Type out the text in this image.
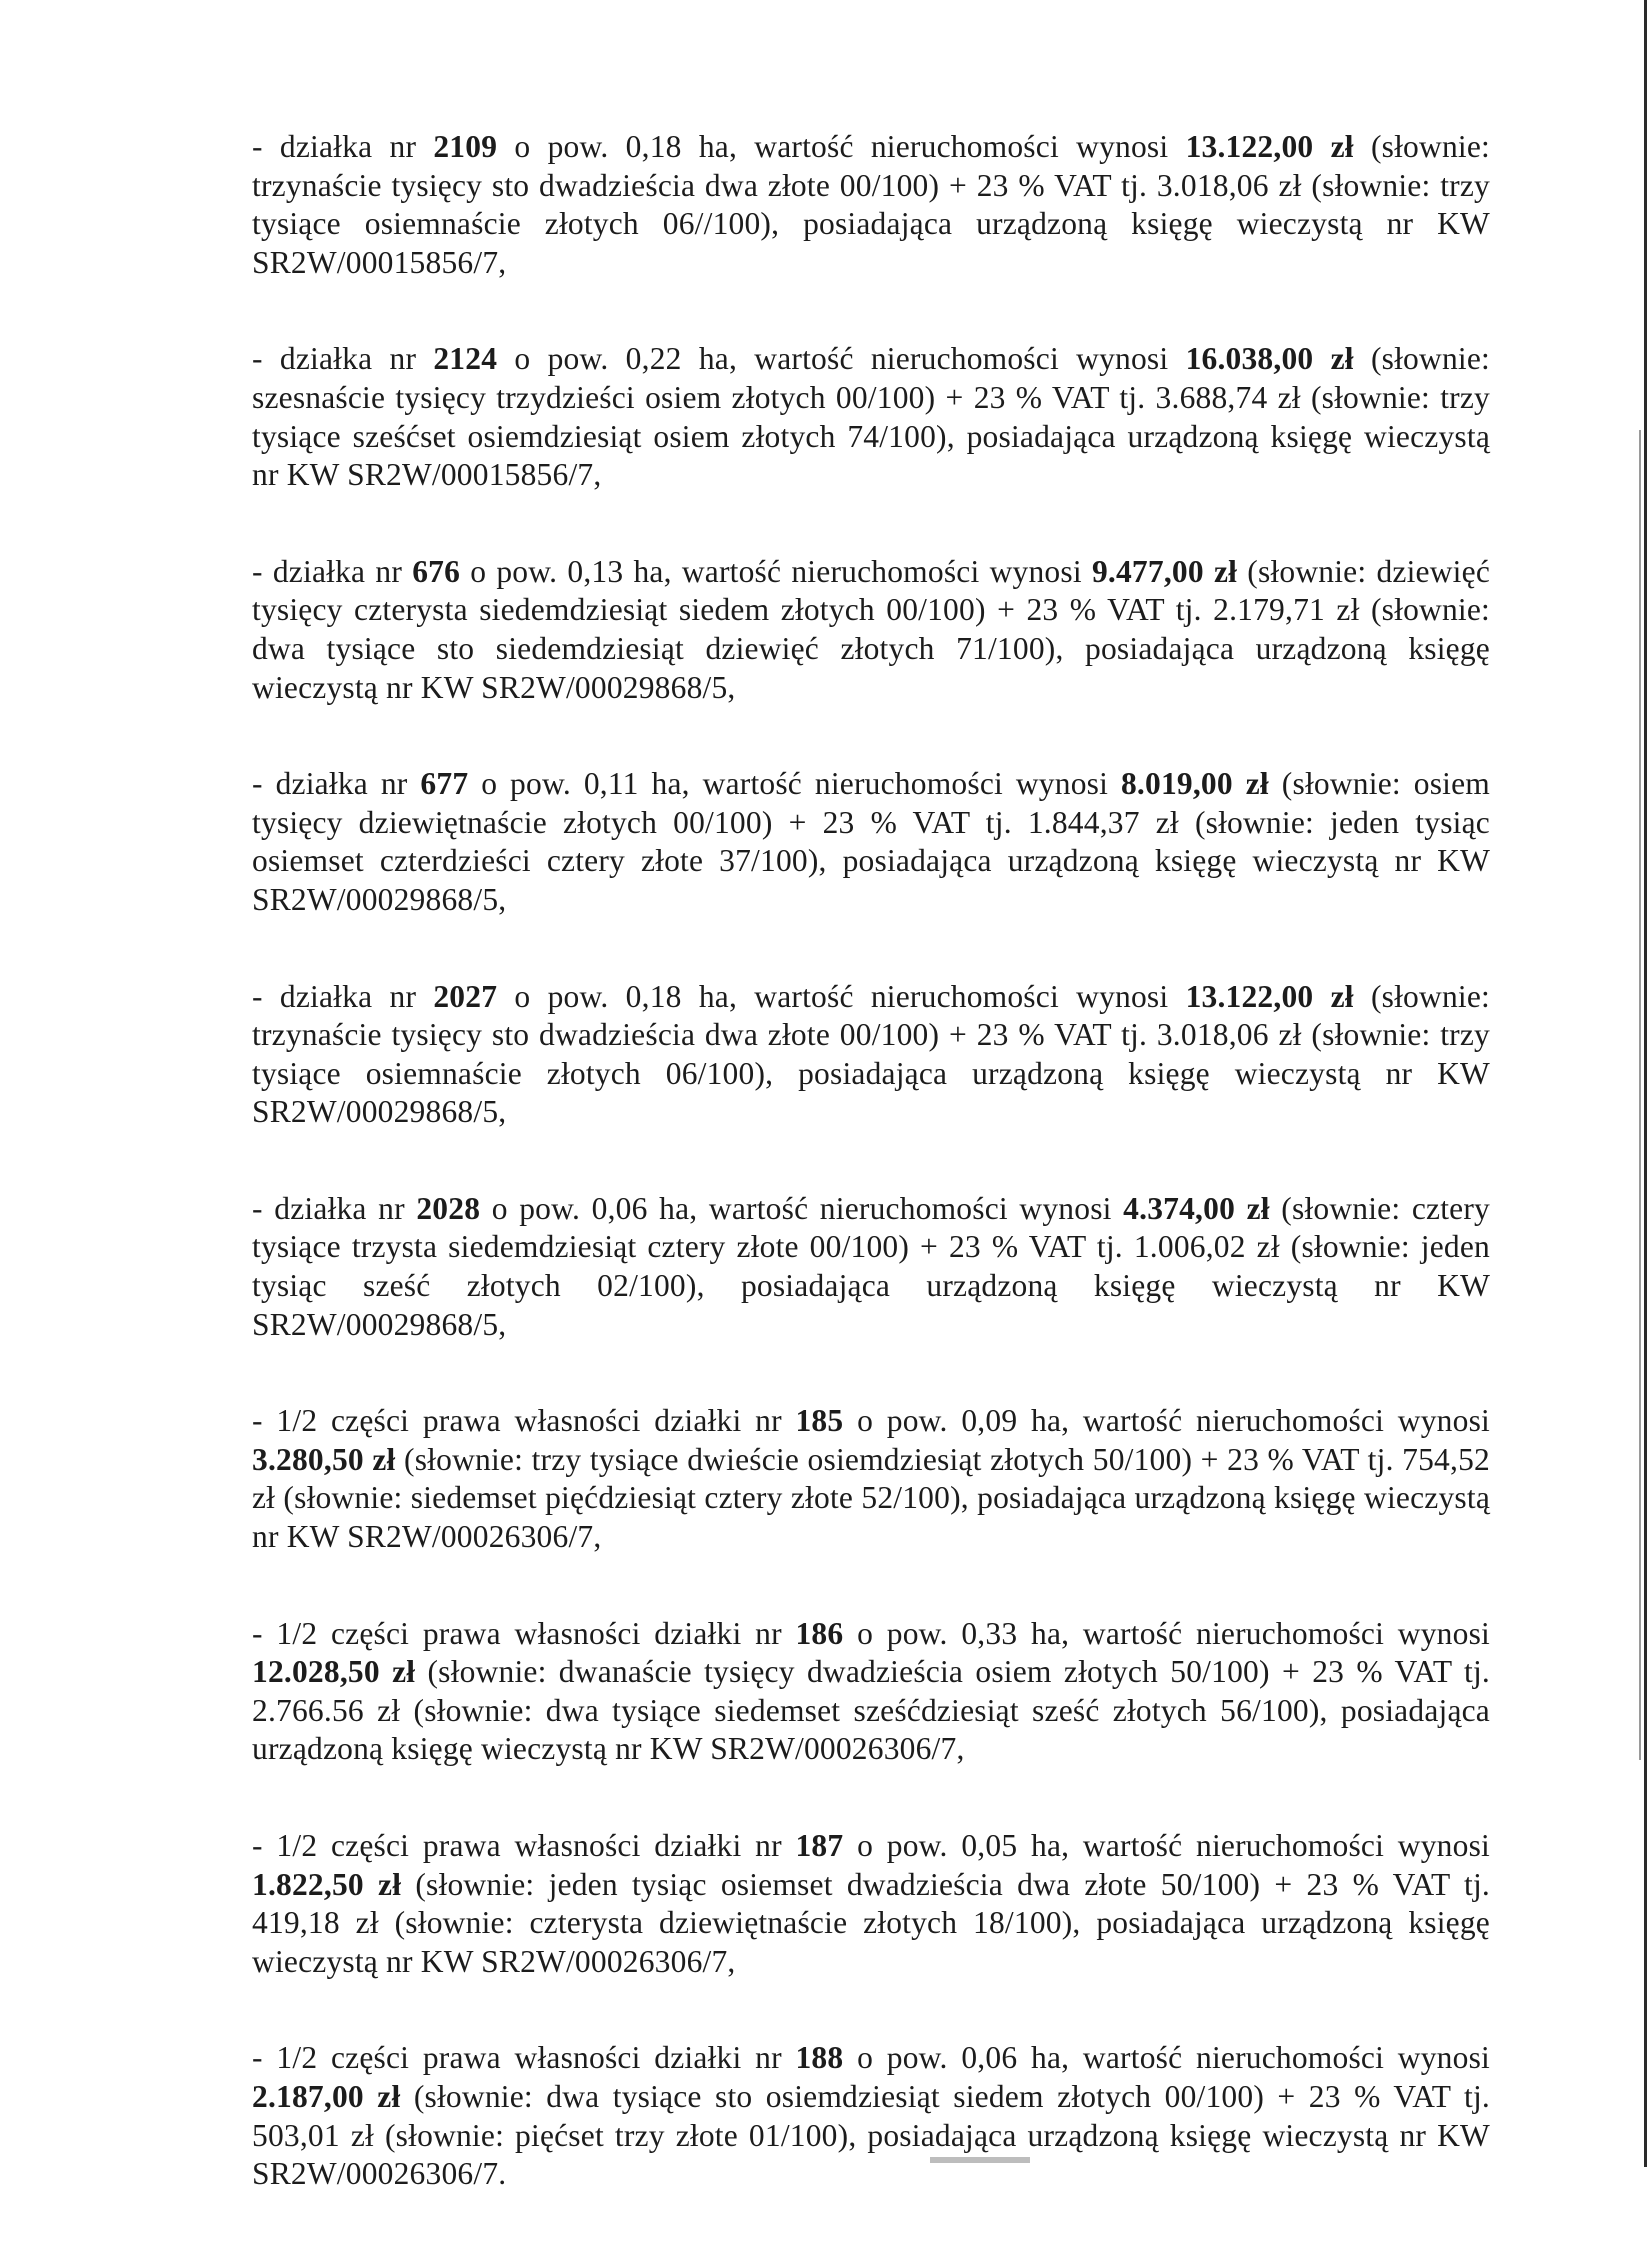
- działka nr 2109 o pow. 0,18 ha, wartość nieruchomości wynosi 13.122,00 zł (słownie: trzynaście tysięcy sto dwadzieścia dwa złote 00/100) + 23 % VAT tj. 3.018,06 zł (słownie: trzy tysiące osiemnaście złotych 06//100), posiadająca urządzoną księgę wieczystą nr KW SR2W/00015856/7,

- działka nr 2124 o pow. 0,22 ha, wartość nieruchomości wynosi 16.038,00 zł (słownie: szesnaście tysięcy trzydzieści osiem złotych 00/100) + 23 % VAT tj. 3.688,74 zł (słownie: trzy tysiące sześćset osiemdziesiąt osiem złotych 74/100), posiadająca urządzoną księgę wieczystą nr KW SR2W/00015856/7,

- działka nr 676 o pow. 0,13 ha, wartość nieruchomości wynosi 9.477,00 zł (słownie: dziewięć tysięcy czterysta siedemdziesiąt siedem złotych 00/100) + 23 % VAT tj. 2.179,71 zł (słownie: dwa tysiące sto siedemdziesiąt dziewięć złotych 71/100), posiadająca urządzoną księgę wieczystą nr KW SR2W/00029868/5,

- działka nr 677 o pow. 0,11 ha, wartość nieruchomości wynosi 8.019,00 zł (słownie: osiem tysięcy dziewiętnaście złotych 00/100) + 23 % VAT tj. 1.844,37 zł (słownie: jeden tysiąc osiemset czterdzieści cztery złote 37/100), posiadająca urządzoną księgę wieczystą nr KW SR2W/00029868/5,

- działka nr 2027 o pow. 0,18 ha, wartość nieruchomości wynosi 13.122,00 zł (słownie: trzynaście tysięcy sto dwadzieścia dwa złote 00/100) + 23 % VAT tj. 3.018,06 zł (słownie: trzy tysiące osiemnaście złotych 06/100), posiadająca urządzoną księgę wieczystą nr KW SR2W/00029868/5,

- działka nr 2028 o pow. 0,06 ha, wartość nieruchomości wynosi 4.374,00 zł (słownie: cztery tysiące trzysta siedemdziesiąt cztery złote 00/100) + 23 % VAT tj. 1.006,02 zł (słownie: jeden tysiąc sześć złotych 02/100), posiadająca urządzoną księgę wieczystą nr KW SR2W/00029868/5,

- 1/2 części prawa własności działki nr 185 o pow. 0,09 ha, wartość nieruchomości wynosi 3.280,50 zł (słownie: trzy tysiące dwieście osiemdziesiąt złotych 50/100) + 23 % VAT tj. 754,52 zł (słownie: siedemset pięćdziesiąt cztery złote 52/100), posiadająca urządzoną księgę wieczystą nr KW SR2W/00026306/7,

- 1/2 części prawa własności działki nr 186 o pow. 0,33 ha, wartość nieruchomości wynosi 12.028,50 zł (słownie: dwanaście tysięcy dwadzieścia osiem złotych 50/100) + 23 % VAT tj. 2.766.56 zł (słownie: dwa tysiące siedemset sześćdziesiąt sześć złotych 56/100), posiadająca urządzoną księgę wieczystą nr KW SR2W/00026306/7,

- 1/2 części prawa własności działki nr 187 o pow. 0,05 ha, wartość nieruchomości wynosi 1.822,50 zł (słownie: jeden tysiąc osiemset dwadzieścia dwa złote 50/100) + 23 % VAT tj. 419,18 zł (słownie: czterysta dziewiętnaście złotych 18/100), posiadająca urządzoną księgę wieczystą nr KW SR2W/00026306/7,

- 1/2 części prawa własności działki nr 188 o pow. 0,06 ha, wartość nieruchomości wynosi 2.187,00 zł (słownie: dwa tysiące sto osiemdziesiąt siedem złotych 00/100) + 23 % VAT tj. 503,01 zł (słownie: pięćset trzy złote 01/100), posiadająca urządzoną księgę wieczystą nr KW SR2W/00026306/7.
